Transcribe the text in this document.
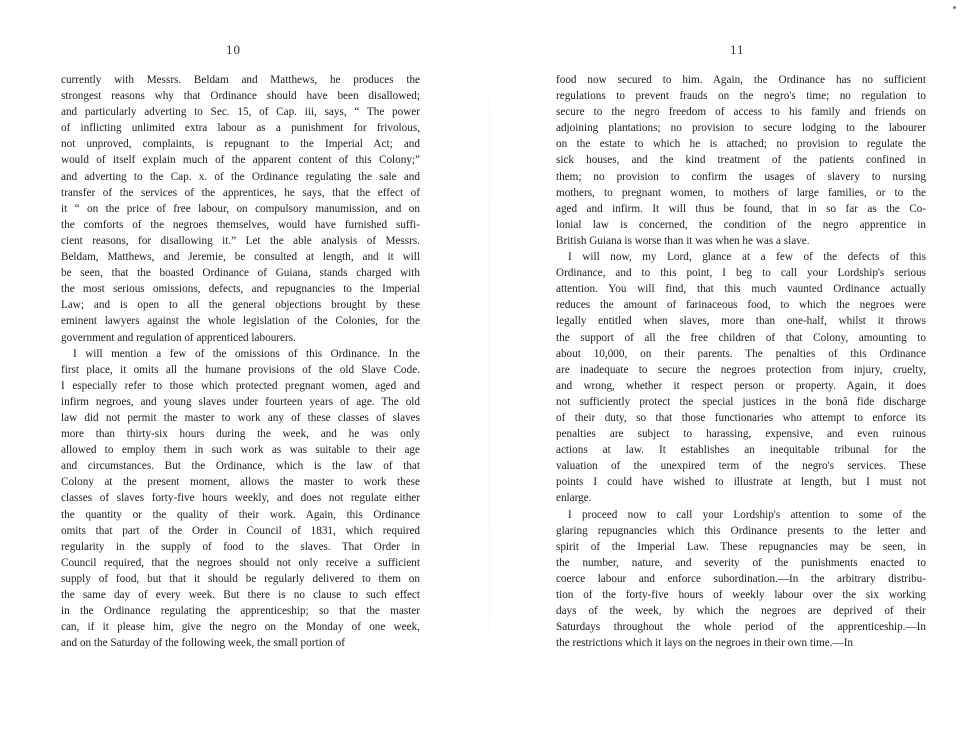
10
currently with Messrs. Beldam and Matthews, he produces the
strongest reasons why that Ordinance should have been disallowed;
and particularly adverting to Sec. 15, of Cap. iii, says, “ The power
of inflicting unlimited extra labour as a punishment for frivolous,
not unproved, complaints, is repugnant to the Imperial Act; and
would of itself explain much of the apparent content of this Colony;”
and adverting to the Cap. x. of the Ordinance regulating the sale and
transfer of the services of the apprentices, he says, that the effect of
it “ on the price of free labour, on compulsory manumission, and on
the comforts of the negroes themselves, would have furnished suffi-
cient reasons, for disallowing it.” Let the able analysis of Messrs.
Beldam, Matthews, and Jeremie, be consulted at length, and it will
be seen, that the boasted Ordinance of Guiana, stands charged with
the most serious omissions, defects, and repugnancies to the Imperial
Law; and is open to all the general objections brought by these
eminent lawyers against the whole legislation of the Colonies, for the
government and regulation of apprenticed labourers.
I will mention a few of the omissions of this Ordinance. In the
first place, it omits all the humane provisions of the old Slave Code.
I especially refer to those which protected pregnant women, aged and
infirm negroes, and young slaves under fourteen years of age. The old
law did not permit the master to work any of these classes of slaves
more than thirty-six hours during the week, and he was only
allowed to employ them in such work as was suitable to their age
and circumstances. But the Ordinance, which is the law of that
Colony at the present moment, allows the master to work these
classes of slaves forty-five hours weekly, and does not regulate either
the quantity or the quality of their work. Again, this Ordinance
omits that part of the Order in Council of 1831, which required
regularity in the supply of food to the slaves. That Order in
Council required, that the negroes should not only receive a sufficient
supply of food, but that it should be regularly delivered to them on
the same day of every week. But there is no clause to such effect
in the Ordinance regulating the apprenticeship; so that the master
can, if it please him, give the negro on the Monday of one week,
and on the Saturday of the following week, the small portion of
11
food now secured to him. Again, the Ordinance has no sufficient
regulations to prevent frauds on the negro's time; no regulation to
secure to the negro freedom of access to his family and friends on
adjoining plantations; no provision to secure lodging to the labourer
on the estate to which he is attached; no provision to regulate the
sick houses, and the kind treatment of the patients confined in
them; no provision to confirm the usages of slavery to nursing
mothers, to pregnant women, to mothers of large families, or to the
aged and infirm. It will thus be found, that in so far as the Co-
lonial law is concerned, the condition of the negro apprentice in
British Guiana is worse than it was when he was a slave.
I will now, my Lord, glance at a few of the defects of this
Ordinance, and to this point, I beg to call your Lordship's serious
attention. You will find, that this much vaunted Ordinance actually
reduces the amount of farinaceous food, to which the negroes were
legally entitled when slaves, more than one-half, whilst it throws
the support of all the free children of that Colony, amounting to
about 10,000, on their parents. The penalties of this Ordinance
are inadequate to secure the negroes protection from injury, cruelty,
and wrong, whether it respect person or property. Again, it does
not sufficiently protect the special justices in the bonâ fide discharge
of their duty, so that those functionaries who attempt to enforce its
penalties are subject to harassing, expensive, and even ruinous
actions at law. It establishes an inequitable tribunal for the
valuation of the unexpired term of the negro's services. These
points I could have wished to illustrate at length, but I must not
enlarge.
I proceed now to call your Lordship's attention to some of the
glaring repugnancies which this Ordinance presents to the letter and
spirit of the Imperial Law. These repugnancies may be seen, in
the number, nature, and severity of the punishments enacted to
coerce labour and enforce subordination.—In the arbitrary distribu-
tion of the forty-five hours of weekly labour over the six working
days of the week, by which the negroes are deprived of their
Saturdays throughout the whole period of the apprenticeship.—In
the restrictions which it lays on the negroes in their own time.—In
